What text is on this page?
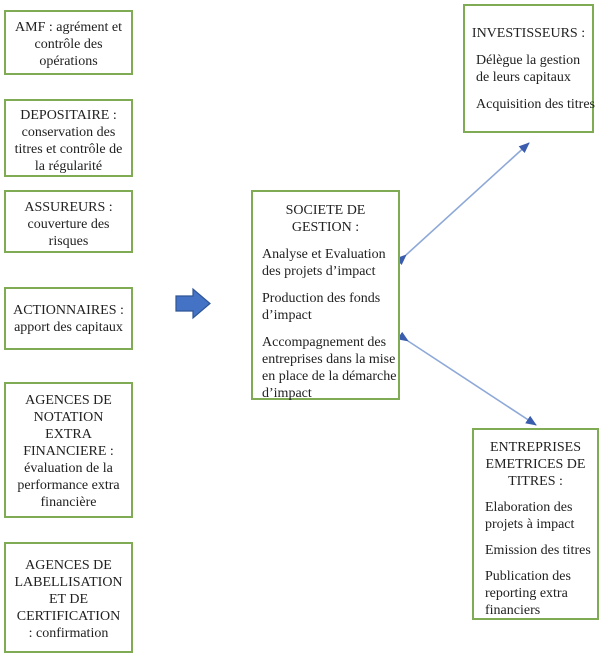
AMF : agrément et
contrôle des
opérations
DEPOSITAIRE :
conservation des
titres et contrôle de
la régularité
ASSUREURS :
couverture des
risques
ACTIONNAIRES :
apport des capitaux
AGENCES DE
NOTATION
EXTRA
FINANCIERE :
évaluation de la
performance extra
financière
AGENCES DE
LABELLISATION
ET DE
CERTIFICATION
: confirmation
SOCIETE DE
GESTION :
Analyse et Evaluation
des projets d’impact
Production des fonds
d’impact
Accompagnement des
entreprises dans la mise
en place de la démarche
d’impact
INVESTISSEURS :
Délègue la gestion
de leurs capitaux
Acquisition des titres
ENTREPRISES
EMETRICES DE
TITRES :
Elaboration des
projets à impact
Emission des titres
Publication des
reporting extra
financiers
